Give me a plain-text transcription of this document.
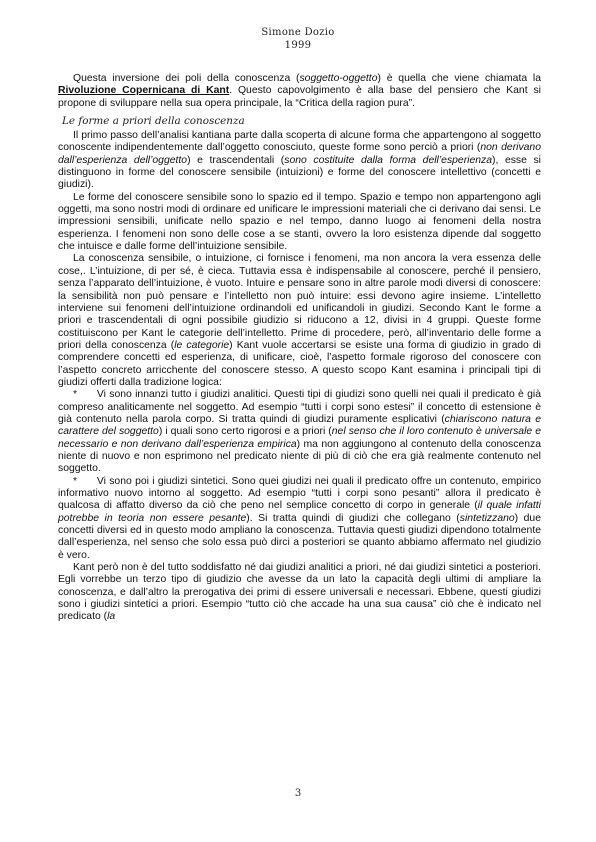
Simone Dozio
1999

Questa inversione dei poli della conoscenza (soggetto-oggetto) è quella che viene chiamata la Rivoluzione Copernicana di Kant. Questo capovolgimento è alla base del pensiero che Kant si propone di sviluppare nella sua opera principale, la “Critica della ragion pura”.

Le forme a priori della conoscenza

Il primo passo dell’analisi kantiana parte dalla scoperta di alcune forma che appartengono al soggetto conoscente indipendentemente dall’oggetto conosciuto, queste forme sono perciò a priori (non derivano dall’esperienza dell’oggetto) e trascendentali (sono costituite dalla forma dell’esperienza), esse si distinguono in forme del conoscere sensibile (intuizioni) e forme del conoscere intellettivo (concetti e giudizi).

Le forme del conoscere sensibile sono lo spazio ed il tempo. Spazio e tempo non appartengono agli oggetti, ma sono nostri modi di ordinare ed unificare le impressioni materiali che ci derivano dai sensi. Le impressioni sensibili, unificate nello spazio e nel tempo, danno luogo ai fenomeni della nostra esperienza. I fenomeni non sono delle cose a se stanti, ovvero la loro esistenza dipende dal soggetto che intuisce e dalle forme dell’intuizione sensibile.

La conoscenza sensibile, o intuizione, ci fornisce i fenomeni, ma non ancora la vera essenza delle cose,. L’intuizione, di per sé, è cieca. Tuttavia essa è indispensabile al conoscere, perché il pensiero, senza l’apparato dell’intuizione, è vuoto. Intuire e pensare sono in altre parole modi diversi di conoscere: la sensibilità non può pensare e l’intelletto non può intuire: essi devono agire insieme. L’intelletto interviene sui fenomeni dell’intuizione ordinandoli ed unificandoli in giudizi. Secondo Kant le forme a priori e trascendentali di ogni possibile giudizio si riducono a 12, divisi in 4 gruppi. Queste forme costituiscono per Kant le categorie dell’intelletto. Prime di procedere, però, all’inventario delle forme a priori della conoscenza (le categorie) Kant vuole accertarsi se esiste una forma di giudizio in grado di comprendere concetti ed esperienza, di unificare, cioè, l’aspetto formale rigoroso del conoscere con l’aspetto concreto arricchente del conoscere stesso. A questo scopo Kant esamina i principali tipi di giudizi offerti dalla tradizione logica:

* Vi sono innanzi tutto i giudizi analitici. Questi tipi di giudizi sono quelli nei quali il predicato è già compreso analiticamente nel soggetto. Ad esempio “tutti i corpi sono estesi” il concetto di estensione è già contenuto nella parola corpo. Si tratta quindi di giudizi puramente esplicativi (chiariscono natura e carattere del soggetto) i quali sono certo rigorosi e a priori (nel senso che il loro contenuto è universale e necessario e non derivano dall’esperienza empirica) ma non aggiungono al contenuto della conoscenza niente di nuovo e non esprimono nel predicato niente di più di ciò che era già realmente contenuto nel soggetto.

* Vi sono poi i giudizi sintetici. Sono quei giudizi nei quali il predicato offre un contenuto, empirico informativo nuovo intorno al soggetto. Ad esempio “tutti i corpi sono pesanti” allora il predicato è qualcosa di affatto diverso da ciò che peno nel semplice concetto di corpo in generale (il quale infatti potrebbe in teoria non essere pesante). Si tratta quindi di giudizi che collegano (sintetizzano) due concetti diversi ed in questo modo ampliano la conoscenza. Tuttavia questi giudizi dipendono totalmente dall’esperienza, nel senso che solo essa può dirci a posteriori se quanto abbiamo affermato nel giudizio è vero.

Kant però non è del tutto soddisfatto né dai giudizi analitici a priori, né dai giudizi sintetici a posteriori. Egli vorrebbe un terzo tipo di giudizio che avesse da un lato la capacità degli ultimi di ampliare la conoscenza, e dall’altro la prerogativa dei primi di essere universali e necessari. Ebbene, questi giudizi sono i giudizi sintetici a priori. Esempio “tutto ciò che accade ha una sua causa” ciò che è indicato nel predicato (la

3
